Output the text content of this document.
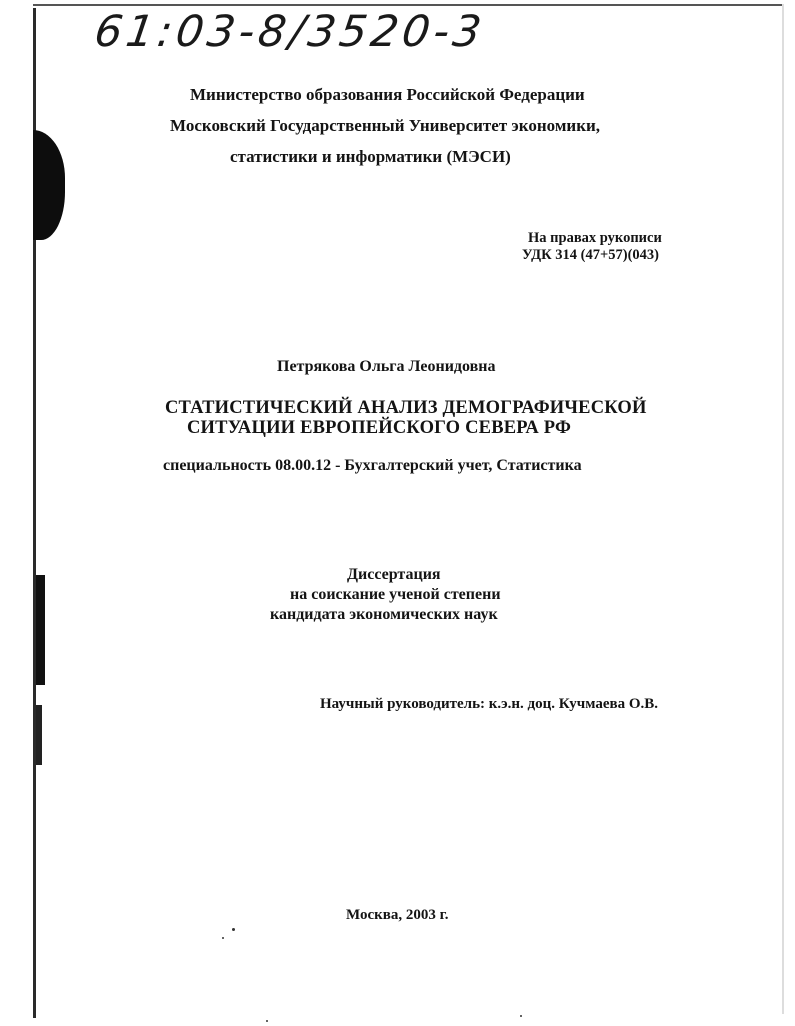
61:03-8/3520-3
Министерство образования Российской Федерации
Московский Государственный Университет экономики,
статистики и информатики (МЭСИ)
На правах рукописи
УДК 314 (47+57)(043)
Петрякова Ольга Леонидовна
СТАТИСТИЧЕСКИЙ АНАЛИЗ ДЕМОГРАФИЧЕСКОЙ
СИТУАЦИИ ЕВРОПЕЙСКОГО СЕВЕРА РФ
специальность 08.00.12 - Бухгалтерский учет, Статистика
Диссертация
на соискание ученой степени
кандидата экономических наук
Научный руководитель: к.э.н. доц. Кучмаева О.В.
Москва, 2003 г.
